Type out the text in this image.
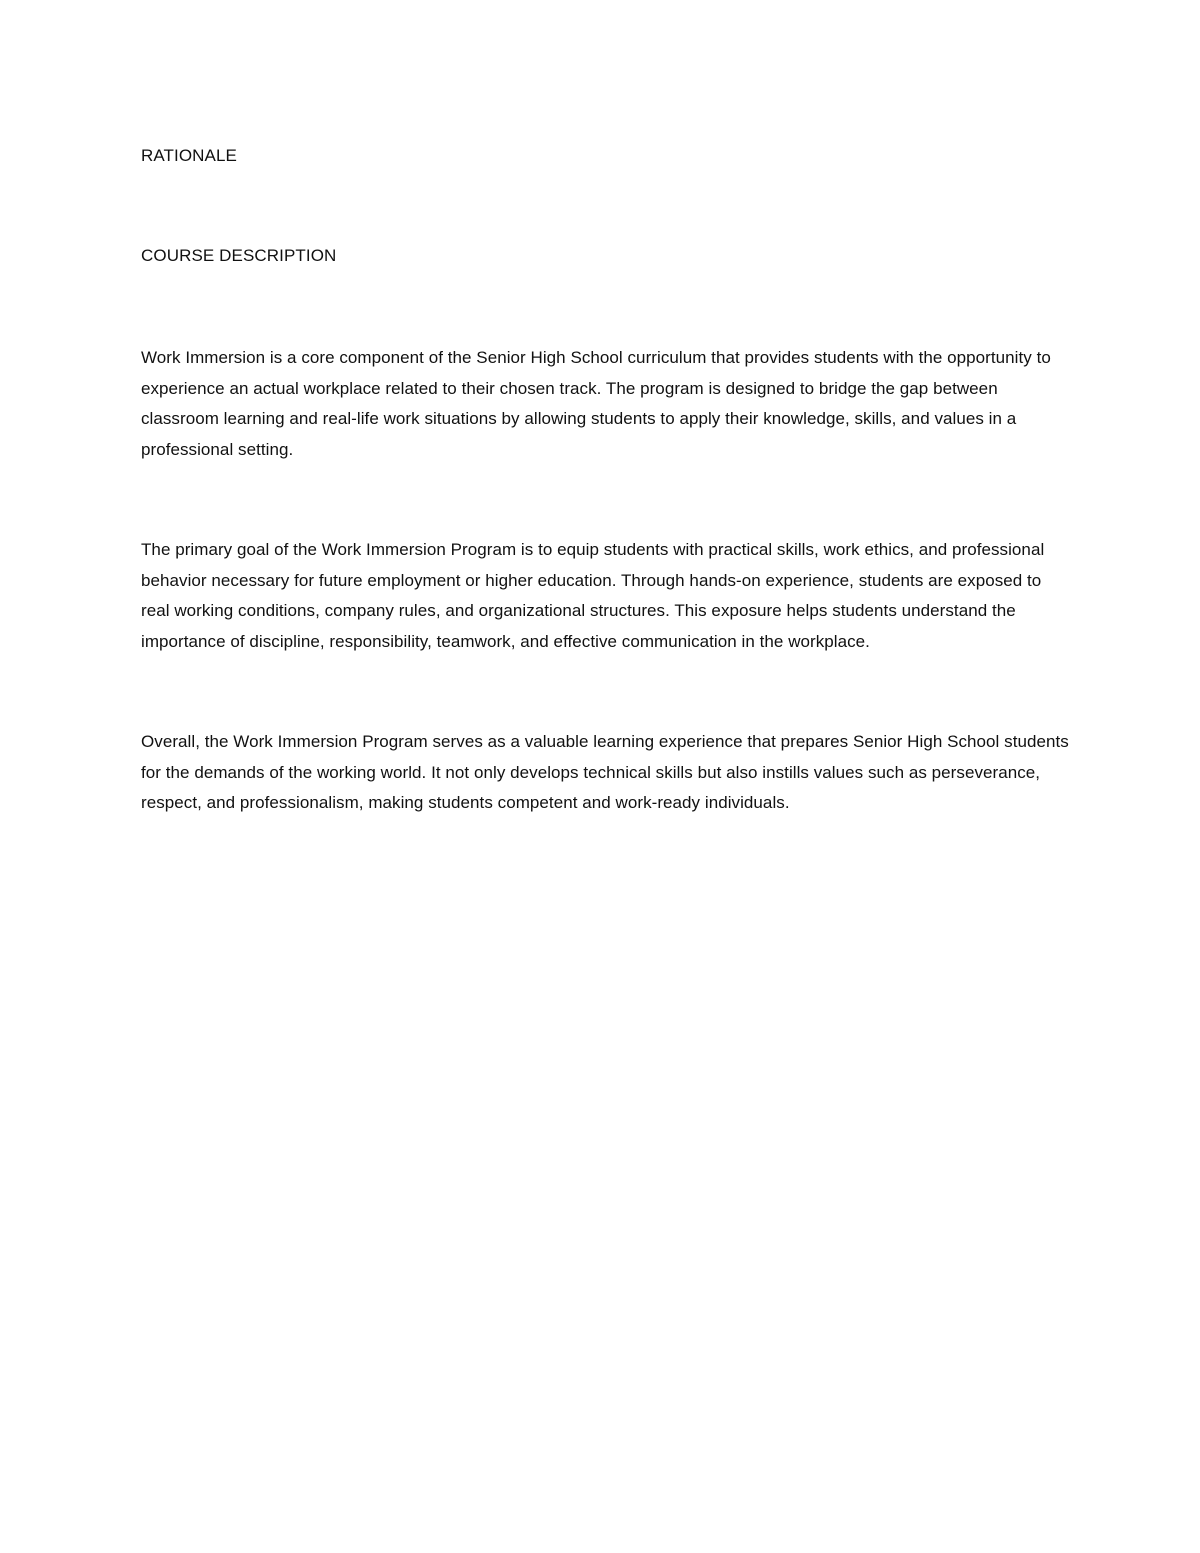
RATIONALE
COURSE DESCRIPTION

Work Immersion is a core component of the Senior High School curriculum that provides students with the opportunity to experience an actual workplace related to their chosen track. The program is designed to bridge the gap between classroom learning and real-life work situations by allowing students to apply their knowledge, skills, and values in a professional setting.

The primary goal of the Work Immersion Program is to equip students with practical skills, work ethics, and professional behavior necessary for future employment or higher education. Through hands-on experience, students are exposed to real working conditions, company rules, and organizational structures. This exposure helps students understand the importance of discipline, responsibility, teamwork, and effective communication in the workplace.

Overall, the Work Immersion Program serves as a valuable learning experience that prepares Senior High School students for the demands of the working world. It not only develops technical skills but also instills values such as perseverance, respect, and professionalism, making students competent and work-ready individuals.
